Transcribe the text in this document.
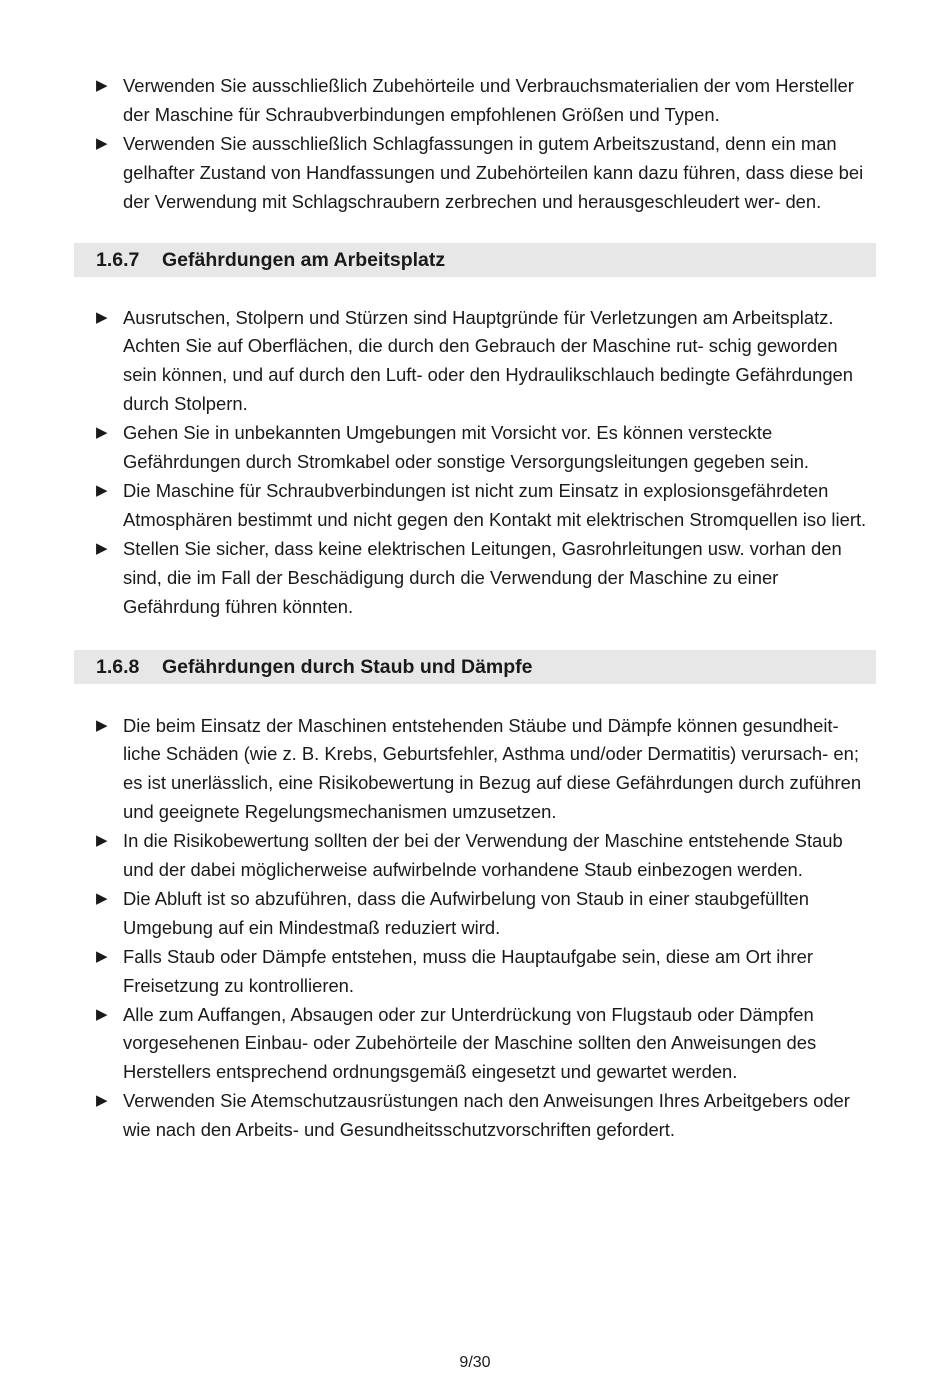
▶ Verwenden Sie ausschließlich Zubehörteile und Verbrauchsmaterialien der vom Hersteller der Maschine für Schraubverbindungen empfohlenen Größen und Typen.
▶ Verwenden Sie ausschließlich Schlagfassungen in gutem Arbeitszustand, denn ein man gelhafter Zustand von Handfassungen und Zubehörteilen kann dazu führen, dass diese bei der Verwendung mit Schlagschraubern zerbrechen und herausgeschleudert wer- den.
1.6.7 Gefährdungen am Arbeitsplatz
▶ Ausrutschen, Stolpern und Stürzen sind Hauptgründe für Verletzungen am Arbeitsplatz. Achten Sie auf Oberflächen, die durch den Gebrauch der Maschine rut- schig geworden sein können, und auf durch den Luft- oder den Hydraulikschlauch bedingte Gefährdungen durch Stolpern.
▶ Gehen Sie in unbekannten Umgebungen mit Vorsicht vor. Es können versteckte Gefährdungen durch Stromkabel oder sonstige Versorgungsleitungen gegeben sein.
▶ Die Maschine für Schraubverbindungen ist nicht zum Einsatz in explosionsgefährdeten Atmosphären bestimmt und nicht gegen den Kontakt mit elektrischen Stromquellen iso liert.
▶ Stellen Sie sicher, dass keine elektrischen Leitungen, Gasrohrleitungen usw. vorhan den sind, die im Fall der Beschädigung durch die Verwendung der Maschine zu einer Gefährdung führen könnten.
1.6.8 Gefährdungen durch Staub und Dämpfe
▶ Die beim Einsatz der Maschinen entstehenden Stäube und Dämpfe können gesundheit- liche Schäden (wie z. B. Krebs, Geburtsfehler, Asthma und/oder Dermatitis) verursach- en; es ist unerlässlich, eine Risikobewertung in Bezug auf diese Gefährdungen durch zuführen und geeignete Regelungsmechanismen umzusetzen.
▶ In die Risikobewertung sollten der bei der Verwendung der Maschine entstehende Staub und der dabei möglicherweise aufwirbelnde vorhandene Staub einbezogen werden.
▶ Die Abluft ist so abzuführen, dass die Aufwirbelung von Staub in einer staubgefüllten Umgebung auf ein Mindestmaß reduziert wird.
▶ Falls Staub oder Dämpfe entstehen, muss die Hauptaufgabe sein, diese am Ort ihrer Freisetzung zu kontrollieren.
▶ Alle zum Auffangen, Absaugen oder zur Unterdrückung von Flugstaub oder Dämpfen vorgesehenen Einbau- oder Zubehörteile der Maschine sollten den Anweisungen des Herstellers entsprechend ordnungsgemäß eingesetzt und gewartet werden.
▶ Verwenden Sie Atemschutzausrüstungen nach den Anweisungen Ihres Arbeitgebers oder wie nach den Arbeits- und Gesundheitsschutzvorschriften gefordert.
9/30
